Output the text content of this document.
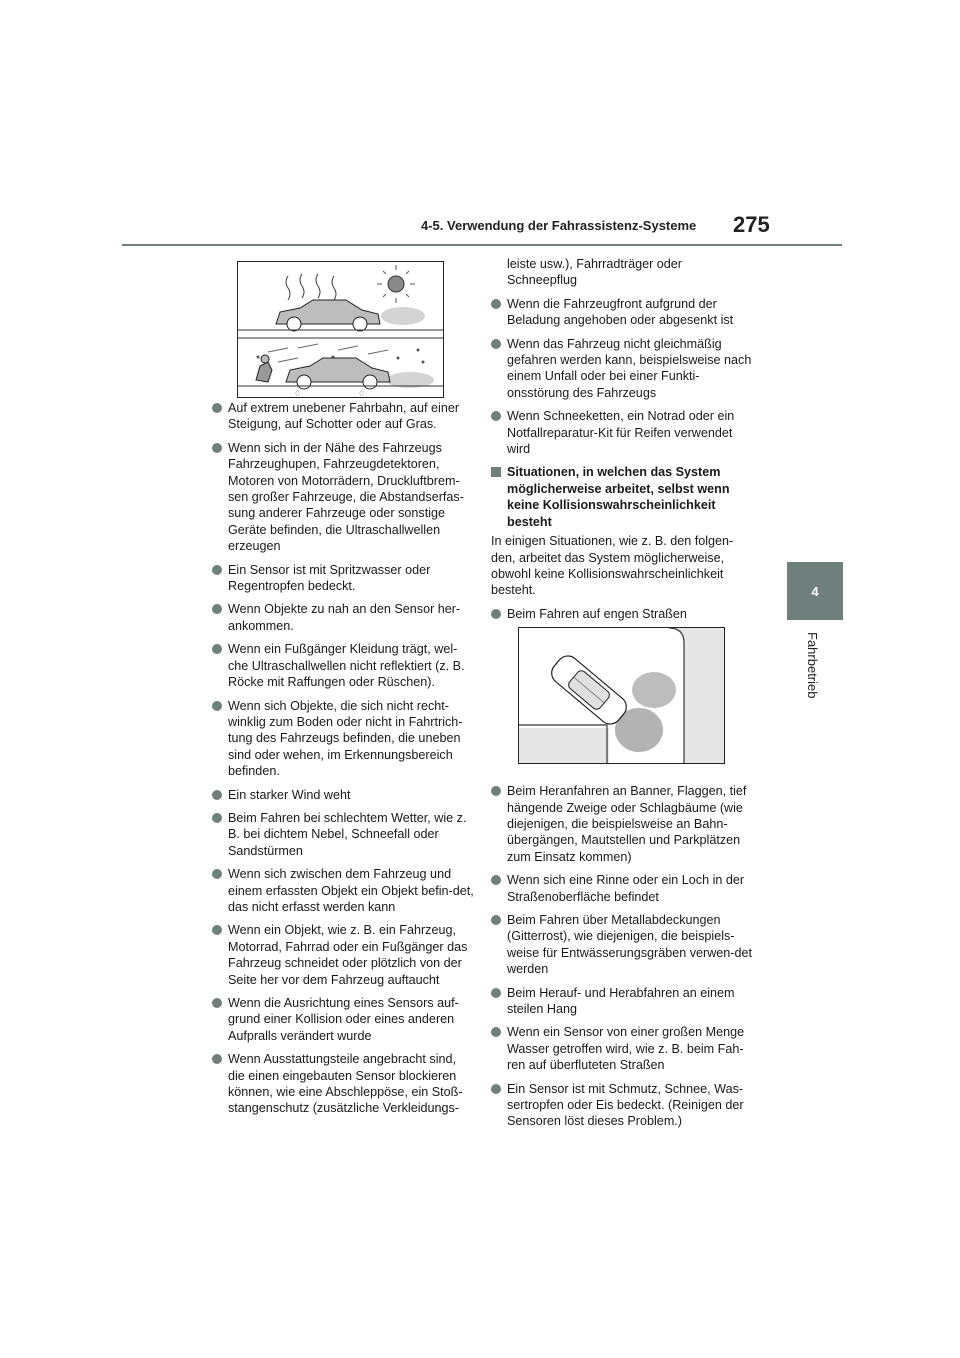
4-5. Verwendung der Fahrassistenz-Systeme 275
4
Fahrbetrieb
♢	♢
Auf extrem unebener Fahrbahn, auf einer Steigung, auf Schotter oder auf Gras.
Wenn sich in der Nähe des Fahrzeugs Fahrzeughupen, Fahrzeugdetektoren, Motoren von Motorrädern, Druckluftbrem-sen großer Fahrzeuge, die Abstandserfas-sung anderer Fahrzeuge oder sonstige Geräte befinden, die Ultraschallwellen erzeugen
Ein Sensor ist mit Spritzwasser oder Regentropfen bedeckt.
Wenn Objekte zu nah an den Sensor her-ankommen.
Wenn ein Fußgänger Kleidung trägt, wel-che Ultraschallwellen nicht reflektiert (z. B. Röcke mit Raffungen oder Rüschen).
Wenn sich Objekte, die sich nicht recht-winklig zum Boden oder nicht in Fahrtrich-tung des Fahrzeugs befinden, die uneben sind oder wehen, im Erkennungsbereich befinden.
Ein starker Wind weht
Beim Fahren bei schlechtem Wetter, wie z. B. bei dichtem Nebel, Schneefall oder Sandstürmen
Wenn sich zwischen dem Fahrzeug und einem erfassten Objekt ein Objekt befin-det, das nicht erfasst werden kann
Wenn ein Objekt, wie z. B. ein Fahrzeug, Motorrad, Fahrrad oder ein Fußgänger das Fahrzeug schneidet oder plötzlich von der Seite her vor dem Fahrzeug auftaucht
Wenn die Ausrichtung eines Sensors auf-grund einer Kollision oder eines anderen Aufpralls verändert wurde
Wenn Ausstattungsteile angebracht sind, die einen eingebauten Sensor blockieren können, wie eine Abschleppöse, ein Stoß-stangenschutz (zusätzliche Verkleidungs-
leiste usw.), Fahrradträger oder Schneepflug
Wenn die Fahrzeugfront aufgrund der Beladung angehoben oder abgesenkt ist
Wenn das Fahrzeug nicht gleichmäßig gefahren werden kann, beispielsweise nach einem Unfall oder bei einer Funkti-onsstörung des Fahrzeugs
Wenn Schneeketten, ein Notrad oder ein Notfallreparatur-Kit für Reifen verwendet wird
Situationen, in welchen das System möglicherweise arbeitet, selbst wenn keine Kollisionswahrscheinlichkeit besteht
In einigen Situationen, wie z. B. den folgen-den, arbeitet das System möglicherweise, obwohl keine Kollisionswahrscheinlichkeit besteht.
Beim Fahren auf engen Straßen
Beim Heranfahren an Banner, Flaggen, tief hängende Zweige oder Schlagbäume (wie diejenigen, die beispielsweise an Bahn-übergängen, Mautstellen und Parkplätzen zum Einsatz kommen)
Wenn sich eine Rinne oder ein Loch in der Straßenoberfläche befindet
Beim Fahren über Metallabdeckungen (Gitterrost), wie diejenigen, die beispiels-weise für Entwässerungsgräben verwen-det werden
Beim Herauf- und Herabfahren an einem steilen Hang
Wenn ein Sensor von einer großen Menge Wasser getroffen wird, wie z. B. beim Fah-ren auf überfluteten Straßen
Ein Sensor ist mit Schmutz, Schnee, Was-sertropfen oder Eis bedeckt. (Reinigen der Sensoren löst dieses Problem.)
